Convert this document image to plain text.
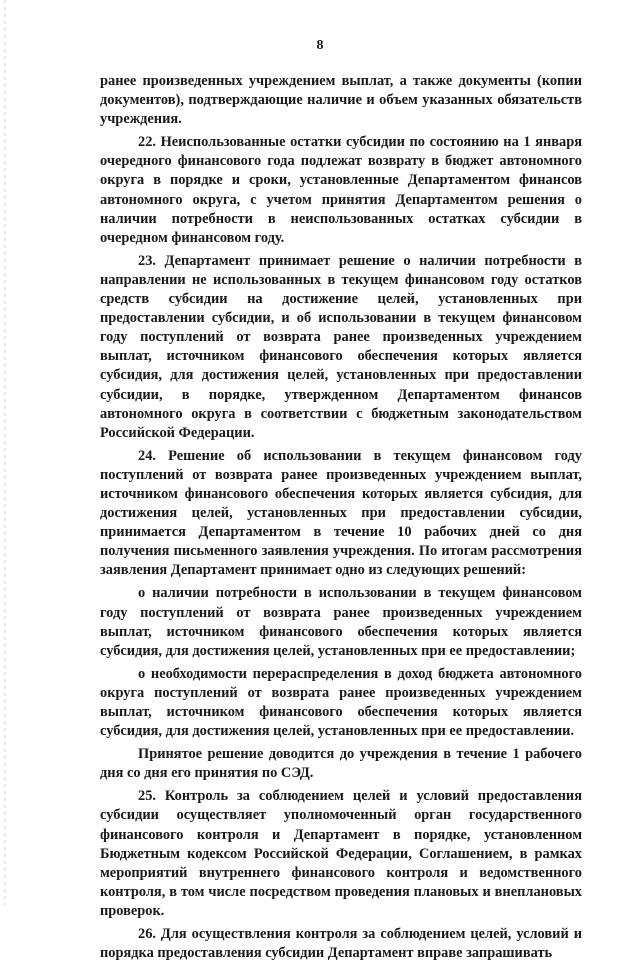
8

ранее произведенных учреждением выплат, а также документы (копии документов), подтверждающие наличие и объем указанных обязательств учреждения.

22. Неиспользованные остатки субсидии по состоянию на 1 января очередного финансового года подлежат возврату в бюджет автономного округа в порядке и сроки, установленные Департаментом финансов автономного округа, с учетом принятия Департаментом решения о наличии потребности в неиспользованных остатках субсидии в очередном финансовом году.

23. Департамент принимает решение о наличии потребности в направлении не использованных в текущем финансовом году остатков средств субсидии на достижение целей, установленных при предоставлении субсидии, и об использовании в текущем финансовом году поступлений от возврата ранее произведенных учреждением выплат, источником финансового обеспечения которых является субсидия, для достижения целей, установленных при предоставлении субсидии, в порядке, утвержденном Департаментом финансов автономного округа в соответствии с бюджетным законодательством Российской Федерации.

24. Решение об использовании в текущем финансовом году поступлений от возврата ранее произведенных учреждением выплат, источником финансового обеспечения которых является субсидия, для достижения целей, установленных при предоставлении субсидии, принимается Департаментом в течение 10 рабочих дней со дня получения письменного заявления учреждения. По итогам рассмотрения заявления Департамент принимает одно из следующих решений:

о наличии потребности в использовании в текущем финансовом году поступлений от возврата ранее произведенных учреждением выплат, источником финансового обеспечения которых является субсидия, для достижения целей, установленных при ее предоставлении;

о необходимости перераспределения в доход бюджета автономного округа поступлений от возврата ранее произведенных учреждением выплат, источником финансового обеспечения которых является субсидия, для достижения целей, установленных при ее предоставлении.

Принятое решение доводится до учреждения в течение 1 рабочего дня со дня его принятия по СЭД.

25. Контроль за соблюдением целей и условий предоставления субсидии осуществляет уполномоченный орган государственного финансового контроля и Департамент в порядке, установленном Бюджетным кодексом Российской Федерации, Соглашением, в рамках мероприятий внутреннего финансового контроля и ведомственного контроля, в том числе посредством проведения плановых и внеплановых проверок.

26. Для осуществления контроля за соблюдением целей, условий и порядка предоставления субсидии Департамент вправе запрашивать
